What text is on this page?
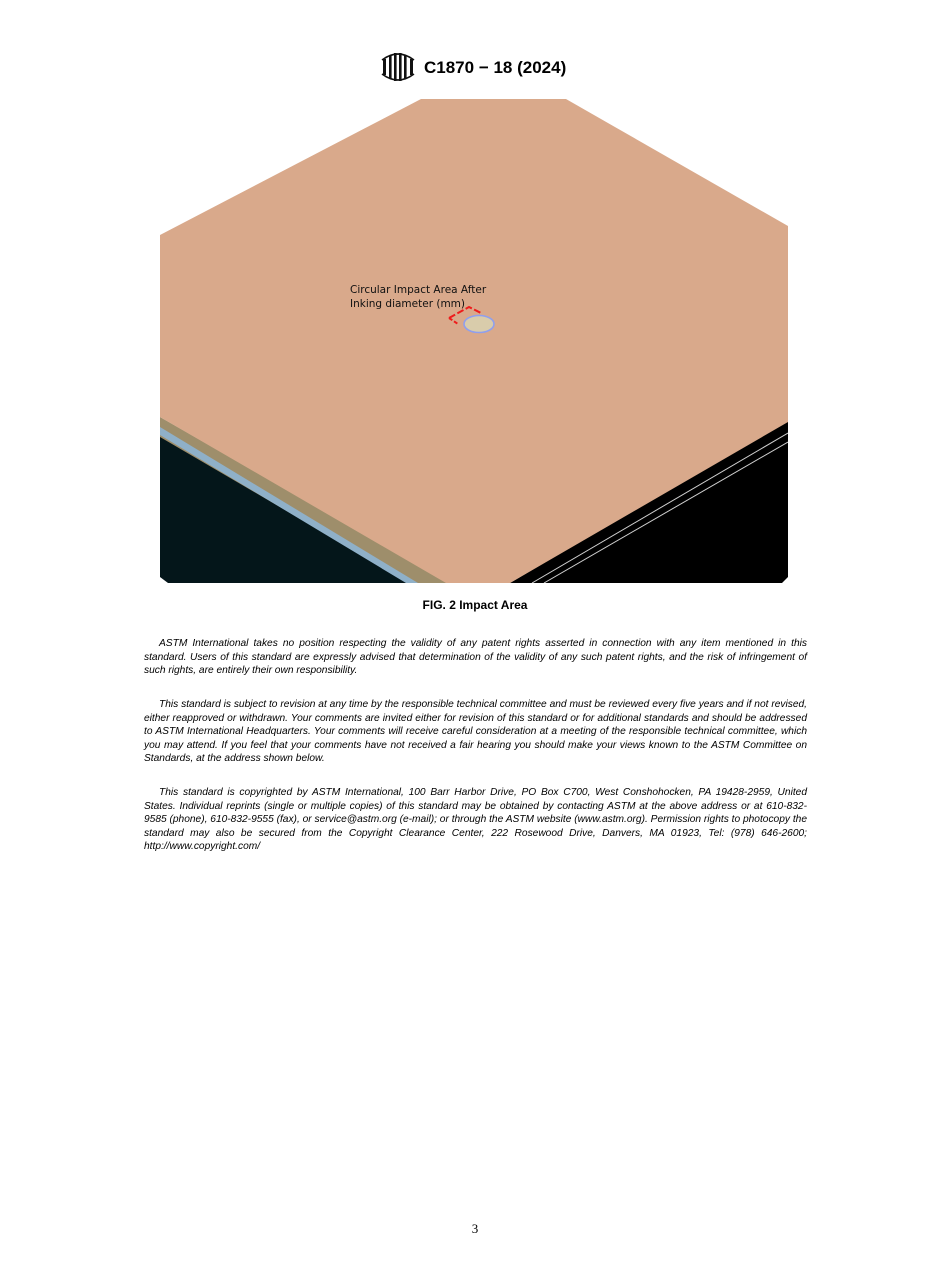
C1870 − 18 (2024)
Circular Impact Area After
Inking diameter (mm)
FIG. 2 Impact Area

ASTM International takes no position respecting the validity of any patent rights asserted in connection with any item mentioned in this standard. Users of this standard are expressly advised that determination of the validity of any such patent rights, and the risk of infringement of such rights, are entirely their own responsibility.

This standard is subject to revision at any time by the responsible technical committee and must be reviewed every five years and if not revised, either reapproved or withdrawn. Your comments are invited either for revision of this standard or for additional standards and should be addressed to ASTM International Headquarters. Your comments will receive careful consideration at a meeting of the responsible technical committee, which you may attend. If you feel that your comments have not received a fair hearing you should make your views known to the ASTM Committee on Standards, at the address shown below.

This standard is copyrighted by ASTM International, 100 Barr Harbor Drive, PO Box C700, West Conshohocken, PA 19428-2959, United States. Individual reprints (single or multiple copies) of this standard may be obtained by contacting ASTM at the above address or at 610-832-9585 (phone), 610-832-9555 (fax), or service@astm.org (e-mail); or through the ASTM website (www.astm.org). Permission rights to photocopy the standard may also be secured from the Copyright Clearance Center, 222 Rosewood Drive, Danvers, MA 01923, Tel: (978) 646-2600; http://www.copyright.com/

3
